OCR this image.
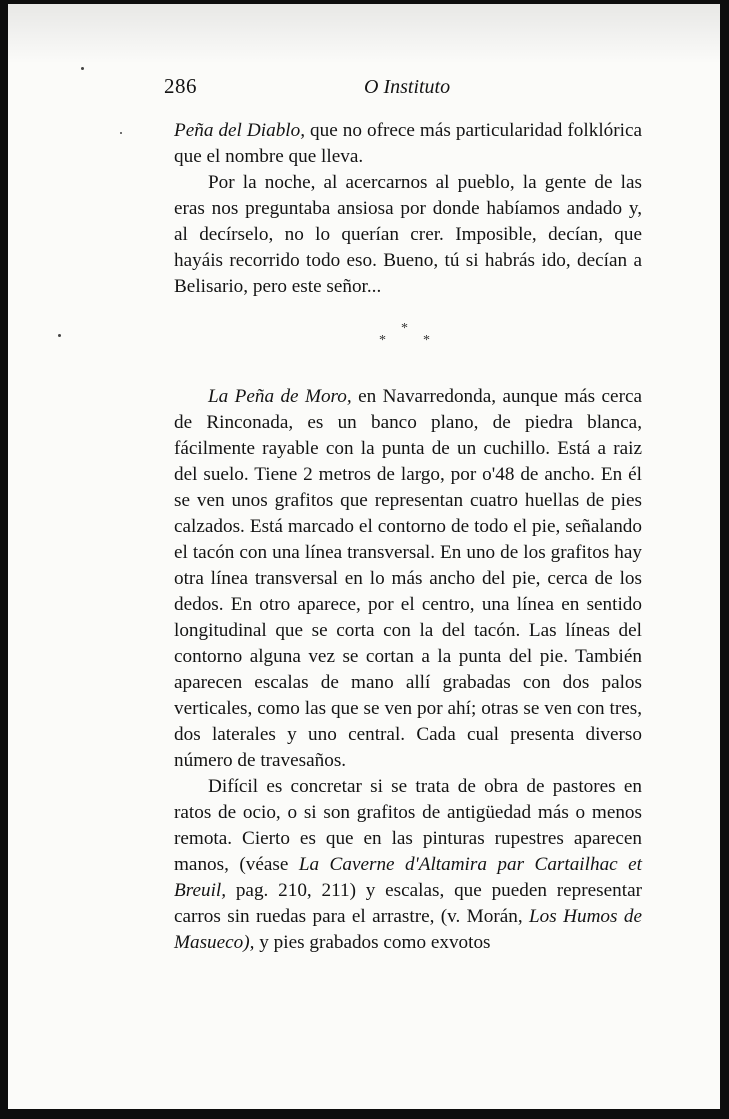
286	O Instituto

Peña del Diablo, que no ofrece más particularidad folklórica que el nombre que lleva.

Por la noche, al acercarnos al pueblo, la gente de las eras nos preguntaba ansiosa por donde habíamos andado y, al decírselo, no lo querían crer. Imposible, decían, que hayáis recorrido todo eso. Bueno, tú si habrás ido, decían a Belisario, pero este señor...

*
*	*

La Peña de Moro, en Navarredonda, aunque más cerca de Rinconada, es un banco plano, de piedra blanca, fácilmente rayable con la punta de un cuchillo. Está a raiz del suelo. Tiene 2 metros de largo, por o'48 de ancho. En él se ven unos grafitos que representan cuatro huellas de pies calzados. Está marcado el contorno de todo el pie, señalando el tacón con una línea transversal. En uno de los grafitos hay otra línea transversal en lo más ancho del pie, cerca de los dedos. En otro aparece, por el centro, una línea en sentido longitudinal que se corta con la del tacón. Las líneas del contorno alguna vez se cortan a la punta del pie. También aparecen escalas de mano allí grabadas con dos palos verticales, como las que se ven por ahí; otras se ven con tres, dos laterales y uno central. Cada cual presenta diverso número de travesaños.

Difícil es concretar si se trata de obra de pastores en ratos de ocio, o si son grafitos de antigüedad más o menos remota. Cierto es que en las pinturas rupestres aparecen manos, (véase La Caverne d'Altamira par Cartailhac et Breuil, pag. 210, 211) y escalas, que pueden representar carros sin ruedas para el arrastre, (v. Morán, Los Humos de Masueco), y pies grabados como exvotos
